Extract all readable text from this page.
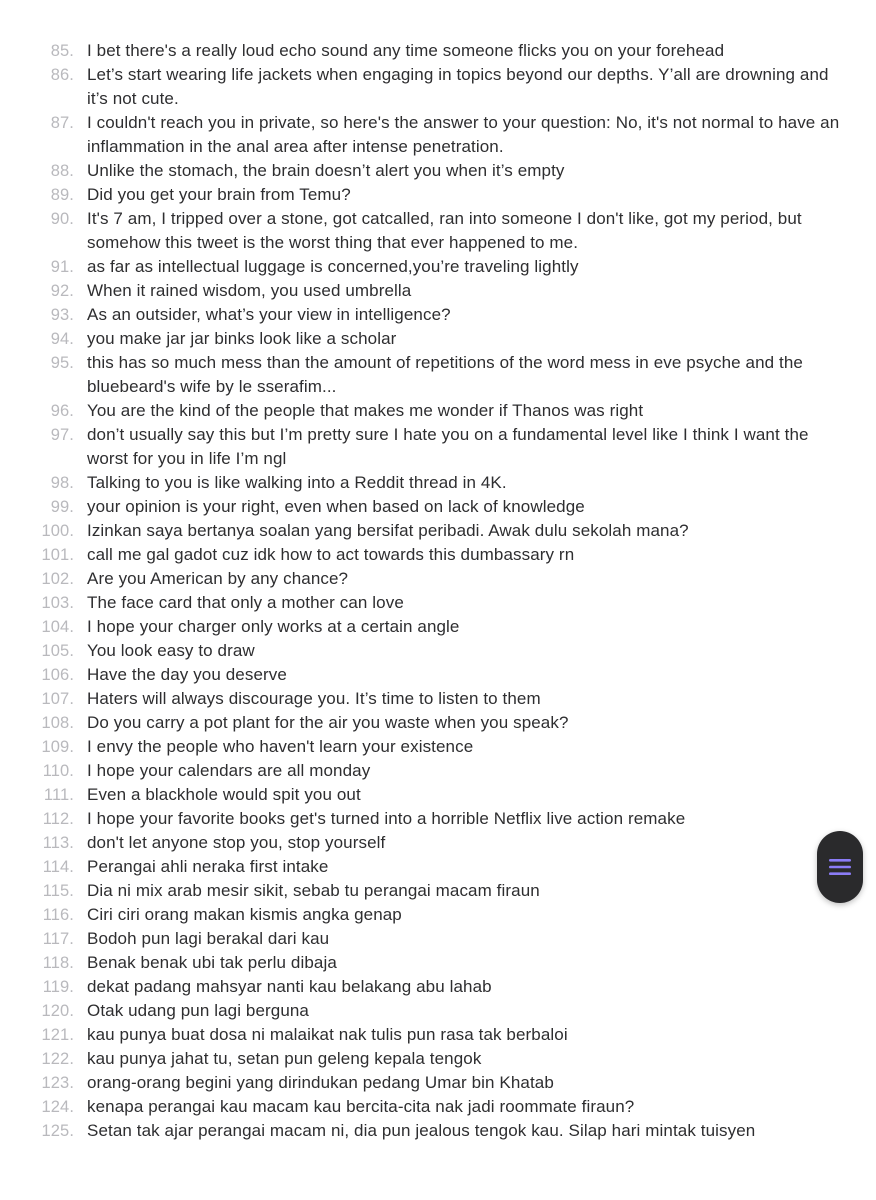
85. I bet there's a really loud echo sound any time someone flicks you on your forehead
86. Let’s start wearing life jackets when engaging in topics beyond our depths. Y’all are drowning and it’s not cute.
87. I couldn't reach you in private, so here's the answer to your question: No, it's not normal to have an inflammation in the anal area after intense penetration.
88. Unlike the stomach, the brain doesn’t alert you when it’s empty
89. Did you get your brain from Temu?
90. It's 7 am, I tripped over a stone, got catcalled, ran into someone I don't like, got my period, but somehow this tweet is the worst thing that ever happened to me.
91. as far as intellectual luggage is concerned,you’re traveling lightly
92. When it rained wisdom, you used umbrella
93. As an outsider, what’s your view in intelligence?
94. you make jar jar binks look like a scholar
95. this has so much mess than the amount of repetitions of the word mess in eve psyche and the bluebeard's wife by le sserafim...
96. You are the kind of the people that makes me wonder if Thanos was right
97. don’t usually say this but I’m pretty sure I hate you on a fundamental level like I think I want the worst for you in life I’m ngl
98. Talking to you is like walking into a Reddit thread in 4K.
99. your opinion is your right, even when based on lack of knowledge
100. Izinkan saya bertanya soalan yang bersifat peribadi. Awak dulu sekolah mana?
101. call me gal gadot cuz idk how to act towards this dumbassary rn
102. Are you American by any chance?
103. The face card that only a mother can love
104. I hope your charger only works at a certain angle
105. You look easy to draw
106. Have the day you deserve
107. Haters will always discourage you. It’s time to listen to them
108. Do you carry a pot plant for the air you waste when you speak?
109. I envy the people who haven't learn your existence
110. I hope your calendars are all monday
111. Even a blackhole would spit you out
112. I hope your favorite books get's turned into a horrible Netflix live action remake
113. don't let anyone stop you, stop yourself
114. Perangai ahli neraka first intake
115. Dia ni mix arab mesir sikit, sebab tu perangai macam firaun
116. Ciri ciri orang makan kismis angka genap
117. Bodoh pun lagi berakal dari kau
118. Benak benak ubi tak perlu dibaja
119. dekat padang mahsyar nanti kau belakang abu lahab
120. Otak udang pun lagi berguna
121. kau punya buat dosa ni malaikat nak tulis pun rasa tak berbaloi
122. kau punya jahat tu, setan pun geleng kepala tengok
123. orang-orang begini yang dirindukan pedang Umar bin Khatab
124. kenapa perangai kau macam kau bercita-cita nak jadi roommate firaun?
125. Setan tak ajar perangai macam ni, dia pun jealous tengok kau. Silap hari mintak tuisyen
